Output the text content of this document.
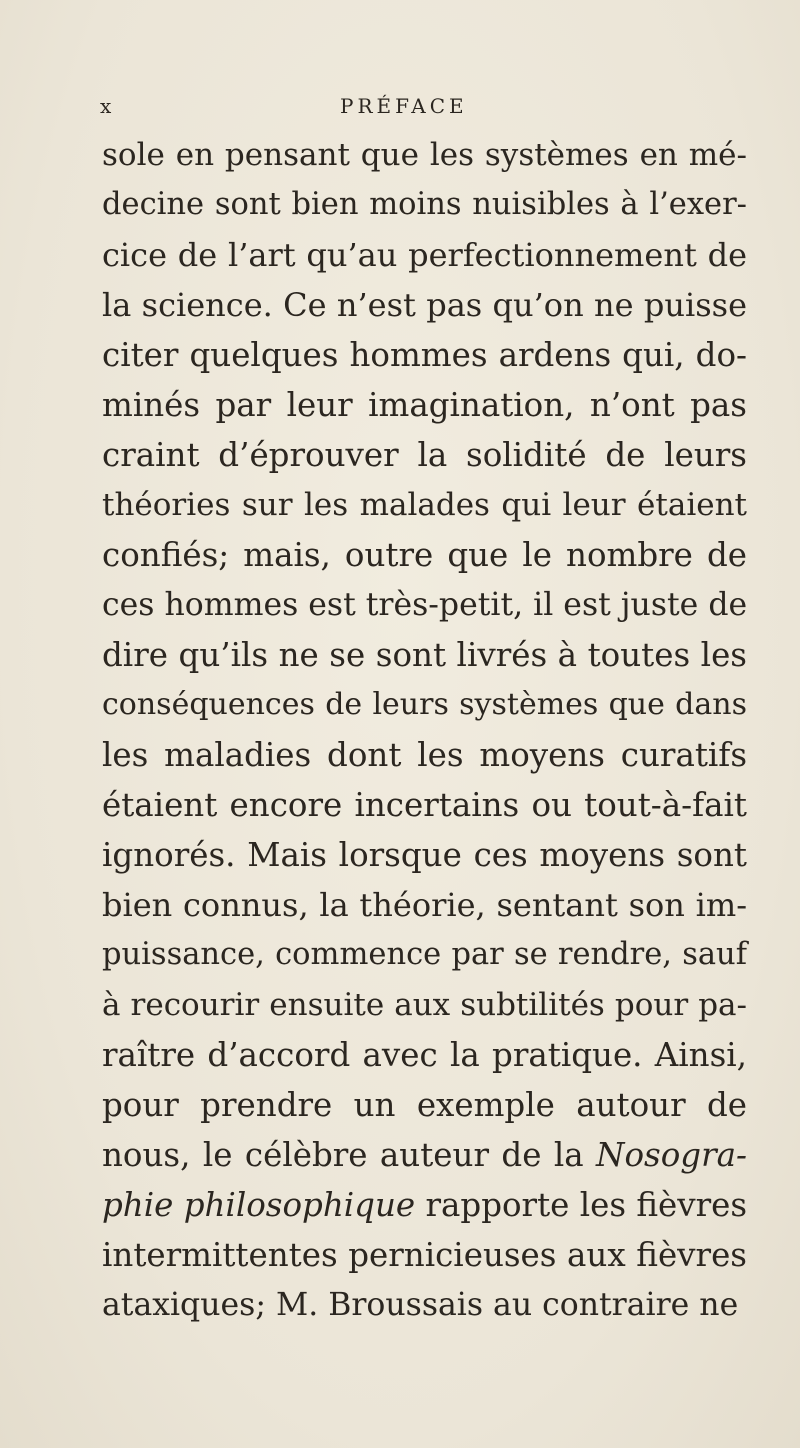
x	PRÉFACE
sole en pensant que les systèmes en mé-
decine sont bien moins nuisibles à l’exer-
cice de l’art qu’au perfectionnement de
la science. Ce n’est pas qu’on ne puisse
citer quelques hommes ardens qui, do-
minés par leur imagination, n’ont pas
craint d’éprouver la solidité de leurs
théories sur les malades qui leur étaient
confiés; mais, outre que le nombre de
ces hommes est très-petit, il est juste de
dire qu’ils ne se sont livrés à toutes les
conséquences de leurs systèmes que dans
les maladies dont les moyens curatifs
étaient encore incertains ou tout-à-fait
ignorés. Mais lorsque ces moyens sont
bien connus, la théorie, sentant son im-
puissance, commence par se rendre, sauf
à recourir ensuite aux subtilités pour pa-
raître d’accord avec la pratique. Ainsi,
pour prendre un exemple autour de
nous, le célèbre auteur de la Nosogra-
phie philosophique rapporte les fièvres
intermittentes pernicieuses aux fièvres
ataxiques; M. Broussais au contraire ne
